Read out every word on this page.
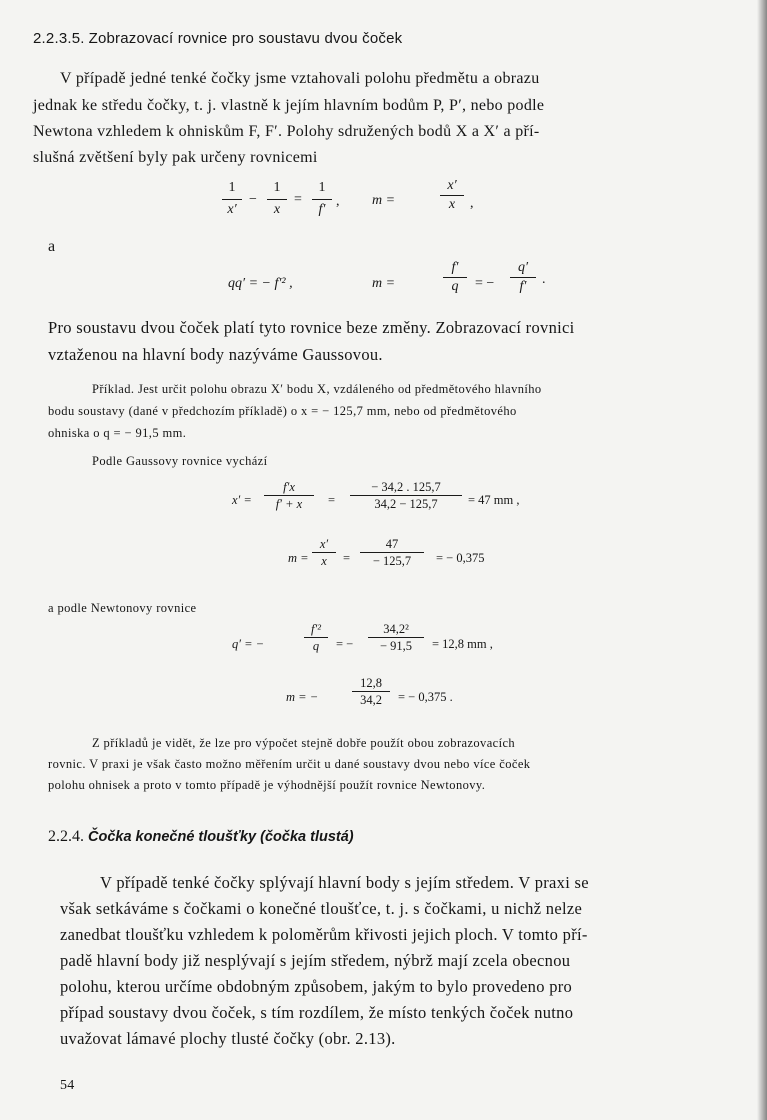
2.2.3.5. Zobrazovací rovnice pro soustavu dvou čoček
V případě jedné tenké čočky jsme vztahovali polohu předmětu a obrazu
jednak ke středu čočky, t. j. vlastně k jejím hlavním bodům P, P′, nebo podle
Newtona vzhledem k ohniskům F, F′. Polohy sdružených bodů X a X′ a pří-
slušná zvětšení byly pak určeny rovnicemi
1
x′
−
1
x
=
1
f′
, m =
x′
x	,
a
qq′ = − f′² ,	m =
f′
q	= −
q′
f′	.
Pro soustavu dvou čoček platí tyto rovnice beze změny. Zobrazovací rovnici
vztaženou na hlavní body nazýváme Gaussovou.
Příklad. Jest určit polohu obrazu X′ bodu X, vzdáleného od předmětového hlavního
bodu soustavy (dané v předchozím příkladě) o x = − 125,7 mm, nebo od předmětového
ohniska o q = − 91,5 mm.
Podle Gaussovy rovnice vychází
x′ =
f′x
f′ + x	=
− 34,2 . 125,7
34,2 − 125,7	= 47 mm ,
m =
x′
x	=
47
− 125,7	= − 0,375
a podle Newtonovy rovnice
q′ = −
f′²
q	= −
34,2²
− 91,5	= 12,8 mm ,
m = −
12,8
34,2	= − 0,375 .
Z příkladů je vidět, že lze pro výpočet stejně dobře použít obou zobrazovacích
rovnic. V praxi je však často možno měřením určit u dané soustavy dvou nebo více čoček
polohu ohnisek a proto v tomto případě je výhodnější použít rovnice Newtonovy.
2.2.4. Čočka konečné tloušťky (čočka tlustá)
V případě tenké čočky splývají hlavní body s jejím středem. V praxi se
však setkáváme s čočkami o konečné tloušťce, t. j. s čočkami, u nichž nelze
zanedbat tloušťku vzhledem k poloměrům křivosti jejich ploch. V tomto pří-
padě hlavní body již nesplývají s jejím středem, nýbrž mají zcela obecnou
polohu, kterou určíme obdobným způsobem, jakým to bylo provedeno pro
případ soustavy dvou čoček, s tím rozdílem, že místo tenkých čoček nutno
uvažovat lámavé plochy tlusté čočky (obr. 2.13).
54
